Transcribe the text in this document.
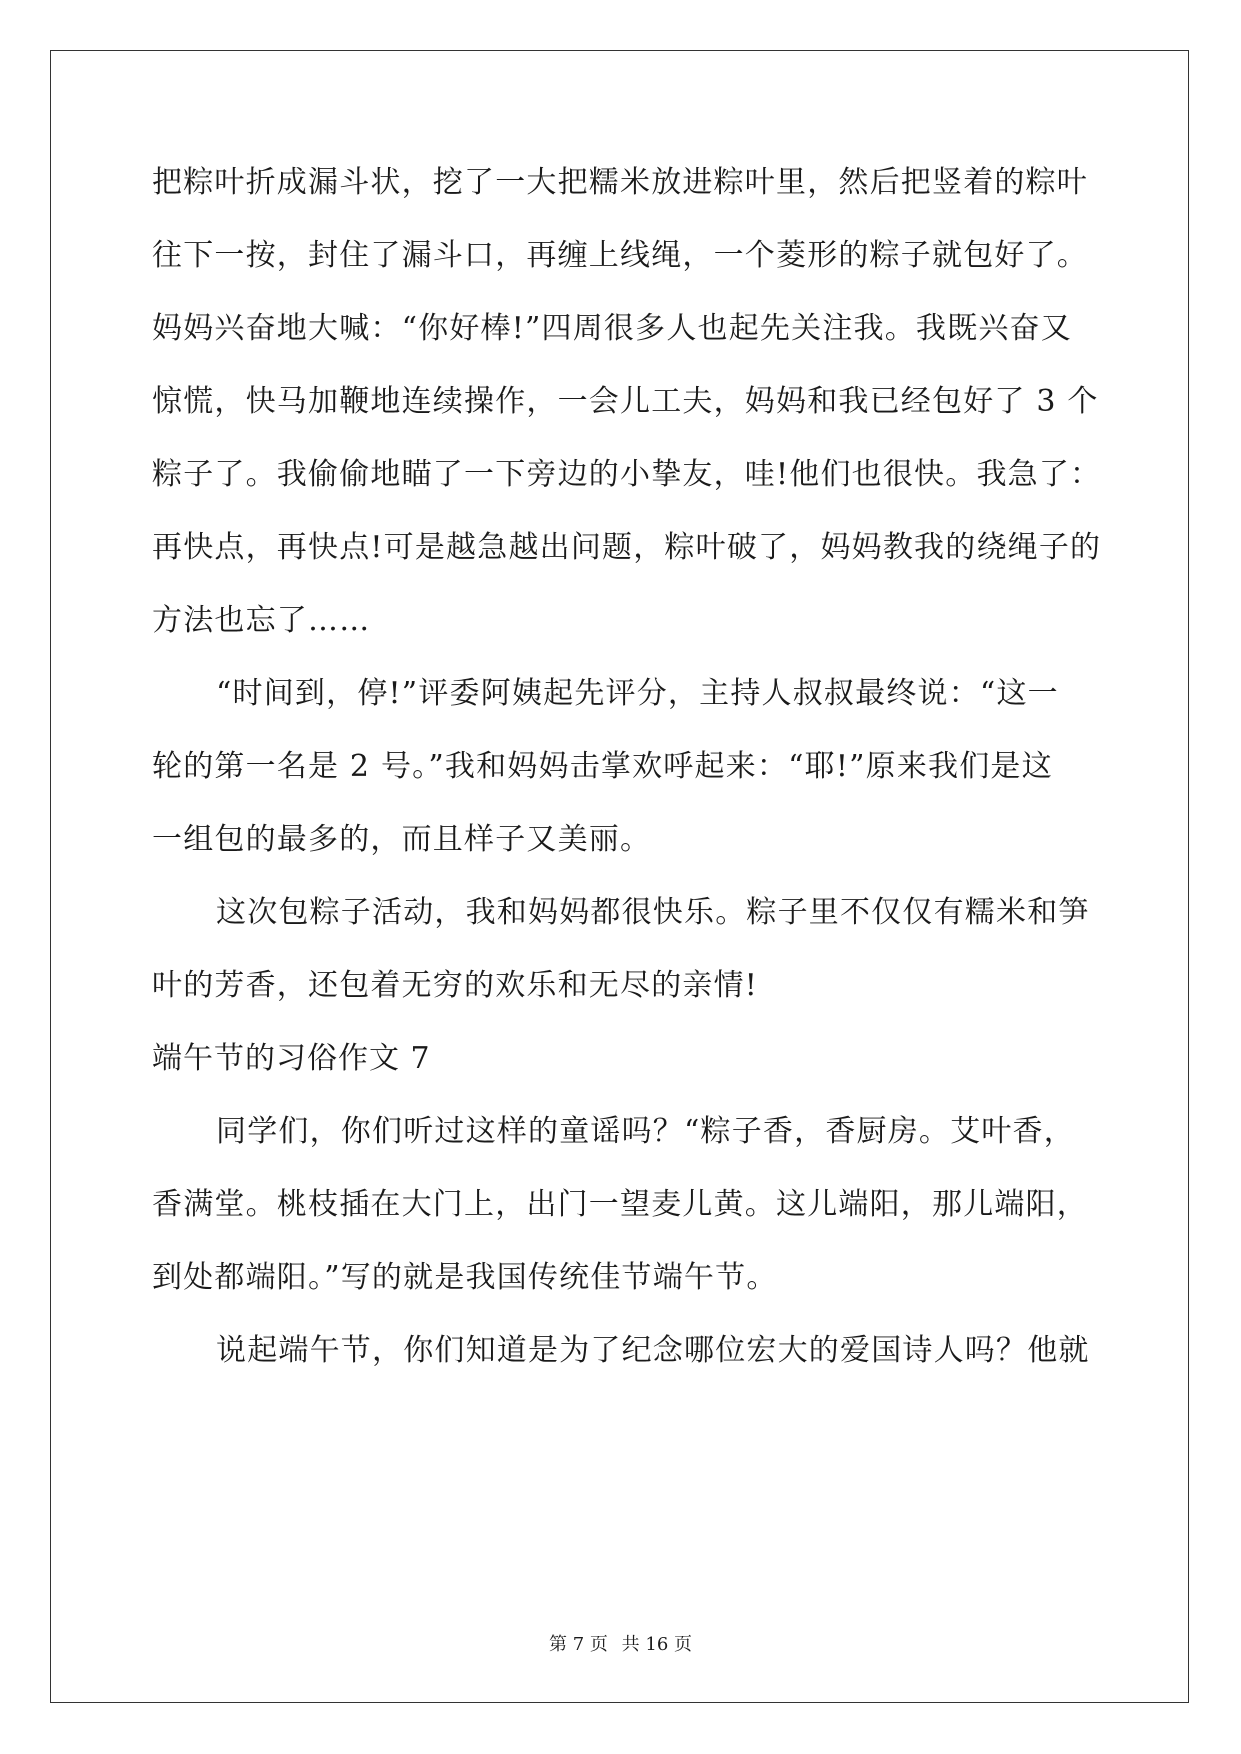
把粽叶折成漏斗状，挖了一大把糯米放进粽叶里，然后把竖着的粽叶
往下一按，封住了漏斗口，再缠上线绳，一个菱形的粽子就包好了。
妈妈兴奋地大喊：“你好棒!”四周很多人也起先关注我。我既兴奋又
惊慌，快马加鞭地连续操作，一会儿工夫，妈妈和我已经包好了 3 个
粽子了。我偷偷地瞄了一下旁边的小挚友，哇!他们也很快。我急了：
再快点，再快点!可是越急越出问题，粽叶破了，妈妈教我的绕绳子的
方法也忘了……
“时间到，停!”评委阿姨起先评分，主持人叔叔最终说：“这一
轮的第一名是 2 号。”我和妈妈击掌欢呼起来：“耶!”原来我们是这
一组包的最多的，而且样子又美丽。
这次包粽子活动，我和妈妈都很快乐。粽子里不仅仅有糯米和笋
叶的芳香，还包着无穷的欢乐和无尽的亲情!
端午节的习俗作文 7
同学们，你们听过这样的童谣吗？“粽子香，香厨房。艾叶香，
香满堂。桃枝插在大门上，出门一望麦儿黄。这儿端阳，那儿端阳，
到处都端阳。”写的就是我国传统佳节端午节。
说起端午节，你们知道是为了纪念哪位宏大的爱国诗人吗？他就
第 7 页 共 16 页
